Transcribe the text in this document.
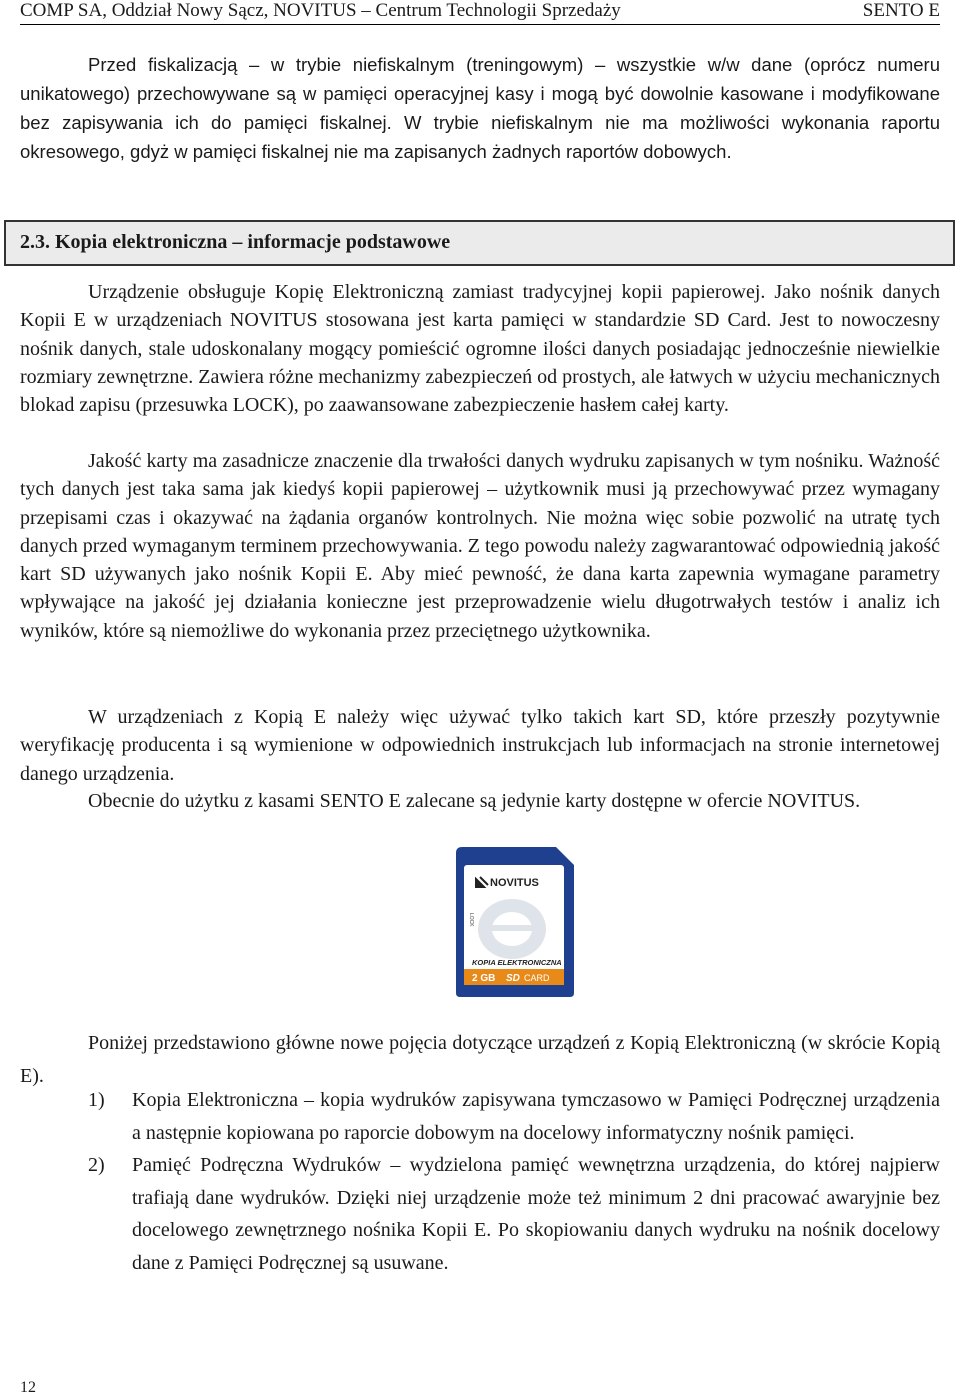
COMP SA, Oddział Nowy Sącz, NOVITUS – Centrum Technologii Sprzedaży	SENTO E

Przed fiskalizacją – w trybie niefiskalnym (treningowym) – wszystkie w/w dane (oprócz numeru unikatowego) przechowywane są w pamięci operacyjnej kasy i mogą być dowolnie kasowane i modyfikowane bez zapisywania ich do pamięci fiskalnej. W trybie niefiskalnym nie ma możliwości wykonania raportu okresowego, gdyż w pamięci fiskalnej nie ma zapisanych żadnych raportów dobowych.

2.3. Kopia elektroniczna – informacje podstawowe

Urządzenie obsługuje Kopię Elektroniczną zamiast tradycyjnej kopii papierowej. Jako nośnik danych Kopii E w urządzeniach NOVITUS stosowana jest karta pamięci w standardzie SD Card. Jest to nowoczesny nośnik danych, stale udoskonalany mogący pomieścić ogromne ilości danych posiadając jednocześnie niewielkie rozmiary zewnętrzne. Zawiera różne mechanizmy zabezpieczeń od prostych, ale łatwych w użyciu mechanicznych blokad zapisu (przesuwka LOCK), po zaawansowane zabezpieczenie hasłem całej karty.

Jakość karty ma zasadnicze znaczenie dla trwałości danych wydruku zapisanych w tym nośniku. Ważność tych danych jest taka sama jak kiedyś kopii papierowej – użytkownik musi ją przechowywać przez wymagany przepisami czas i okazywać na żądania organów kontrolnych. Nie można więc sobie pozwolić na utratę tych danych przed wymaganym terminem przechowywania. Z tego powodu należy zagwarantować odpowiednią jakość kart SD używanych jako nośnik Kopii E. Aby mieć pewność, że dana karta zapewnia wymagane parametry wpływające na jakość jej działania konieczne jest przeprowadzenie wielu długotrwałych testów i analiz ich wyników, które są niemożliwe do wykonania przez przeciętnego użytkownika.

W urządzeniach z Kopią E należy więc używać tylko takich kart SD, które przeszły pozytywnie weryfikację producenta i są wymienione w odpowiednich instrukcjach lub informacjach na stronie internetowej danego urządzenia.

Obecnie do użytku z kasami SENTO E zalecane są jedynie karty dostępne w ofercie NOVITUS.

NOVITUS
LOCK
KOPIA ELEKTRONICZNA
2 GB SD CARD

Poniżej przedstawiono główne nowe pojęcia dotyczące urządzeń z Kopią Elektroniczną (w skrócie Kopią E).

1) Kopia Elektroniczna – kopia wydruków zapisywana tymczasowo w Pamięci Podręcznej urządzenia a następnie kopiowana po raporcie dobowym na docelowy informatyczny nośnik pamięci.
2) Pamięć Podręczna Wydruków – wydzielona pamięć wewnętrzna urządzenia, do której najpierw trafiają dane wydruków. Dzięki niej urządzenie może też minimum 2 dni pracować awaryjnie bez docelowego zewnętrznego nośnika Kopii E. Po skopiowaniu danych wydruku na nośnik docelowy dane z Pamięci Podręcznej są usuwane.
12
